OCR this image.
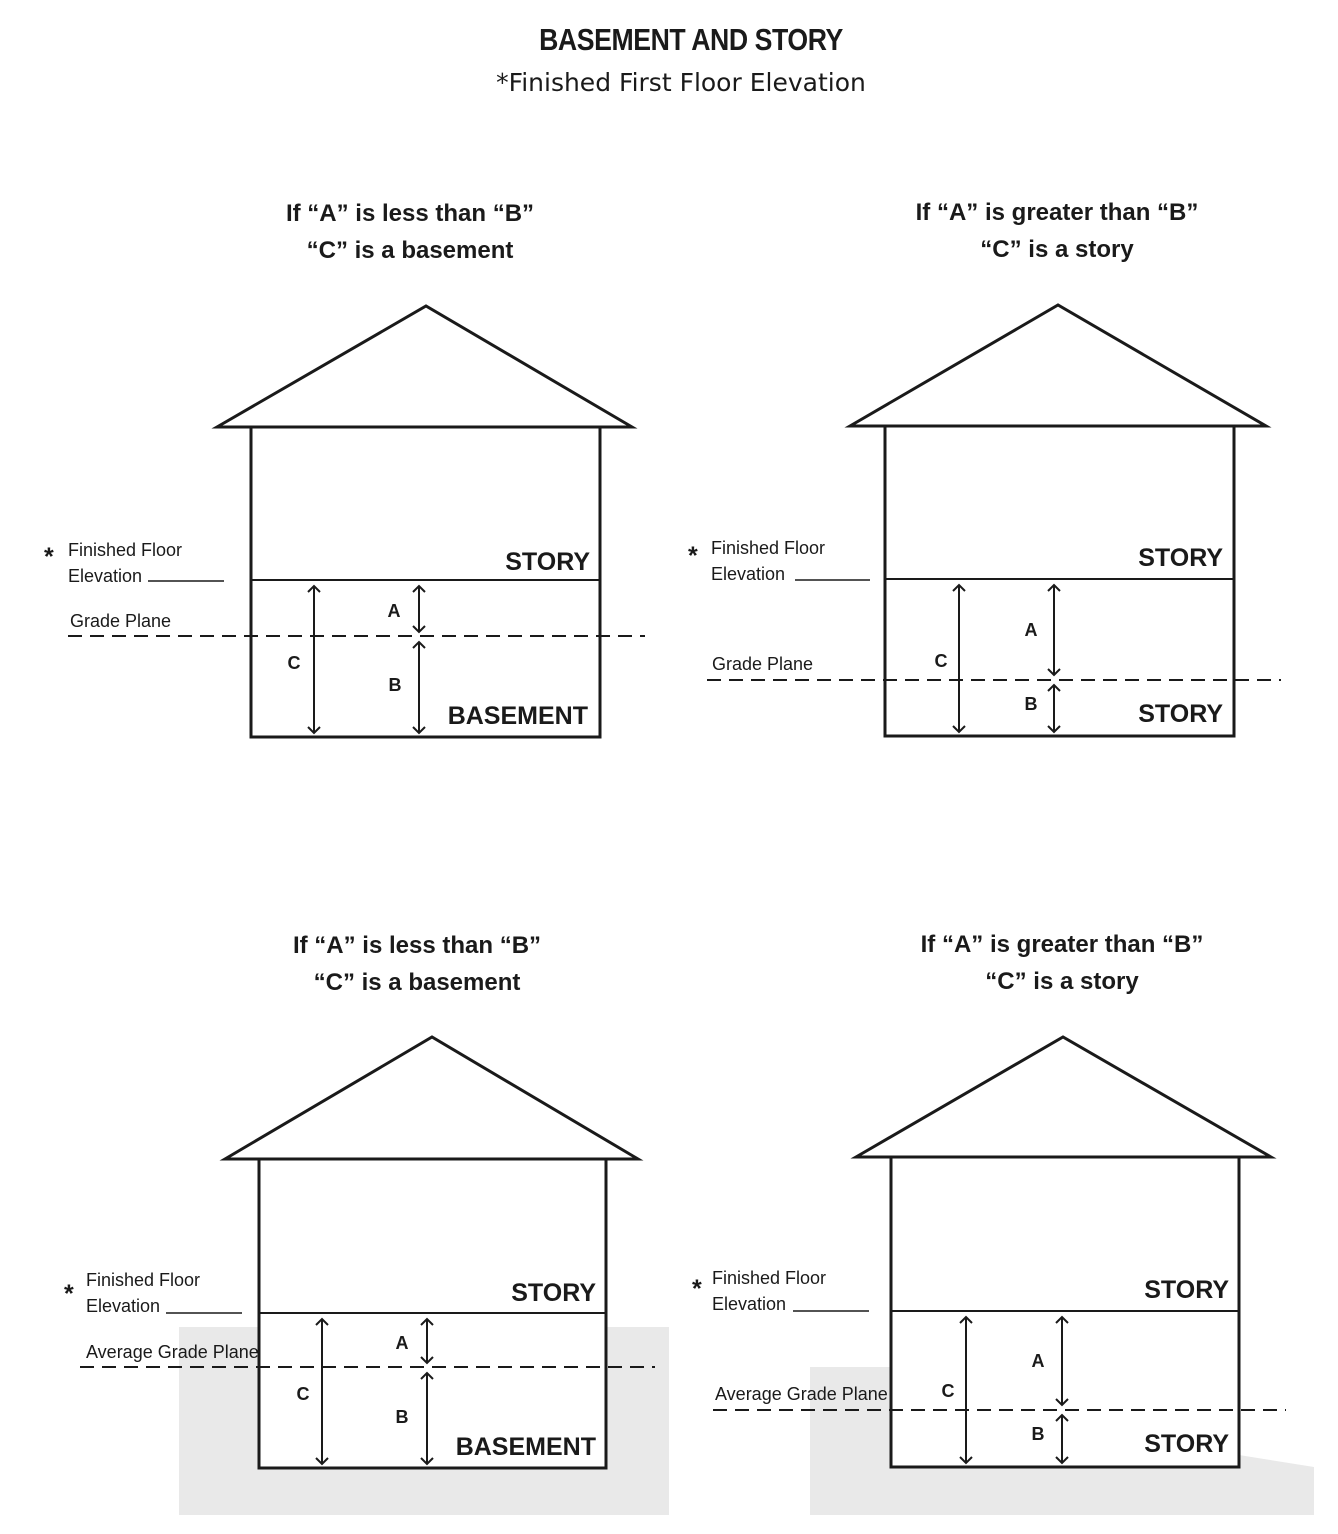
BASEMENT AND STORY
*Finished First Floor Elevation
If “A” is less than “B”
“C” is a basement
* Finished Floor
Elevation
Grade Plane
STORY
BASEMENT
A
B
C
If “A” is greater than “B”
“C” is a story
* Finished Floor
Elevation
Grade Plane
STORY
STORY
A
B
C
If “A” is less than “B”
“C” is a basement
* Finished Floor
Elevation
Average Grade Plane
STORY
BASEMENT
A
B
C
If “A” is greater than “B”
“C” is a story
* Finished Floor
Elevation
Average Grade Plane
STORY
STORY
A
B
C
